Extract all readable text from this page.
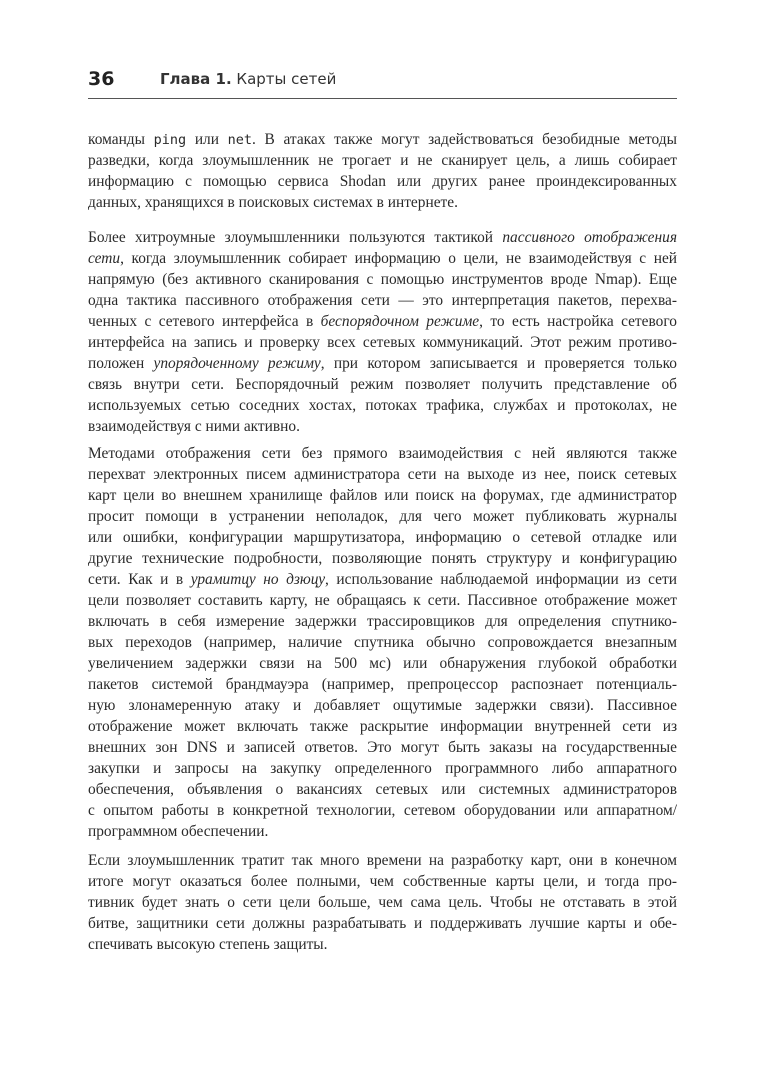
36	Глава 1. Карты сетей
команды ping или net. В атаках также могут задействоваться безобидные методы
разведки, когда злоумышленник не трогает и не сканирует цель, а лишь собирает
информацию с помощью сервиса Shodan или других ранее проиндексированных
данных, хранящихся в поисковых системах в интернете.
Более хитроумные злоумышленники пользуются тактикой пассивного отображения
сети, когда злоумышленник собирает информацию о цели, не взаимодействуя с ней
напрямую (без активного сканирования с помощью инструментов вроде Nmap). Еще
одна тактика пассивного отображения сети — это интерпретация пакетов, перехва-
ченных с сетевого интерфейса в беспорядочном режиме, то есть настройка сетевого
интерфейса на запись и проверку всех сетевых коммуникаций. Этот режим противо-
положен упорядоченному режиму, при котором записывается и проверяется только
связь внутри сети. Беспорядочный режим позволяет получить представление об
используемых сетью соседних хостах, потоках трафика, службах и протоколах, не
взаимодействуя с ними активно.
Методами отображения сети без прямого взаимодействия с ней являются также
перехват электронных писем администратора сети на выходе из нее, поиск сетевых
карт цели во внешнем хранилище файлов или поиск на форумах, где администратор
просит помощи в устранении неполадок, для чего может публиковать журналы
или ошибки, конфигурации маршрутизатора, информацию о сетевой отладке или
другие технические подробности, позволяющие понять структуру и конфигурацию
сети. Как и в урамитцу но дзюцу, использование наблюдаемой информации из сети
цели позволяет составить карту, не обращаясь к сети. Пассивное отображение может
включать в себя измерение задержки трассировщиков для определения спутнико-
вых переходов (например, наличие спутника обычно сопровождается внезапным
увеличением задержки связи на 500 мс) или обнаружения глубокой обработки
пакетов системой брандмауэра (например, препроцессор распознает потенциаль-
ную злонамеренную атаку и добавляет ощутимые задержки связи). Пассивное
отображение может включать также раскрытие информации внутренней сети из
внешних зон DNS и записей ответов. Это могут быть заказы на государственные
закупки и запросы на закупку определенного программного либо аппаратного
обеспечения, объявления о вакансиях сетевых или системных администраторов
с опытом работы в конкретной технологии, сетевом оборудовании или аппаратном/
программном обеспечении.
Если злоумышленник тратит так много времени на разработку карт, они в конечном
итоге могут оказаться более полными, чем собственные карты цели, и тогда про-
тивник будет знать о сети цели больше, чем сама цель. Чтобы не отставать в этой
битве, защитники сети должны разрабатывать и поддерживать лучшие карты и обе-
спечивать высокую степень защиты.
